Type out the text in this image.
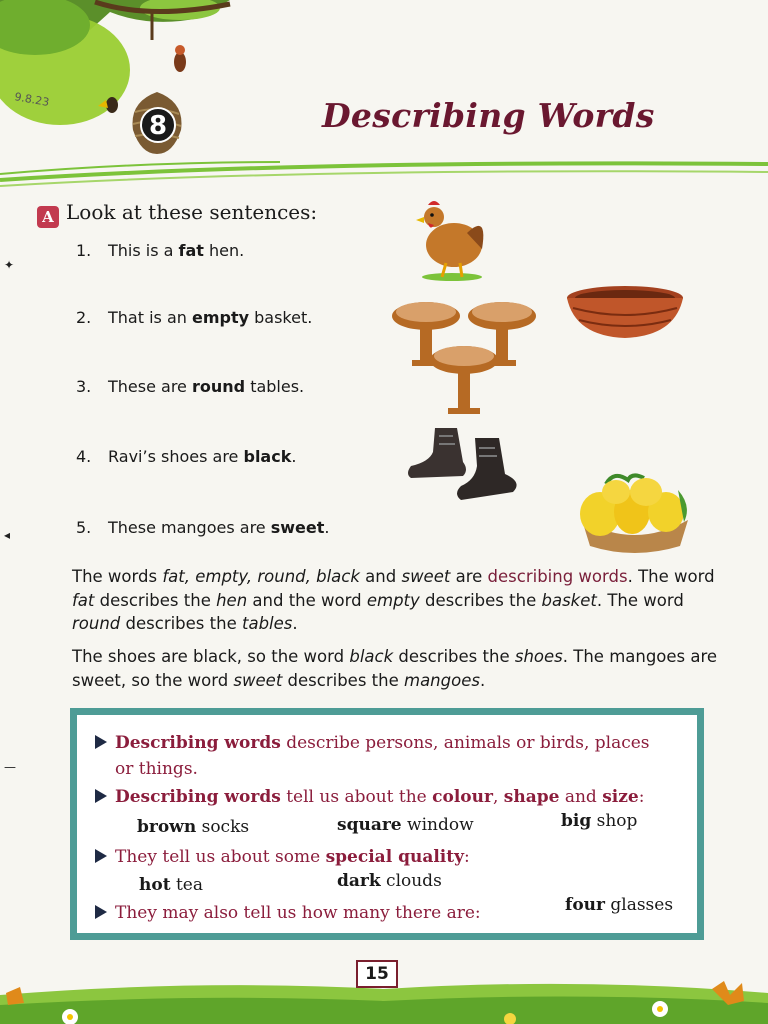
9.8.23
8	Describing Words
A Look at these sentences:
1. This is a fat hen.
2. That is an empty basket.
3. These are round tables.
4. Ravi’s shoes are black.
5. These mangoes are sweet.
The words fat, empty, round, black and sweet are describing words. The word fat describes the hen and the word empty describes the basket. The word round describes the tables.
The shoes are black, so the word black describes the shoes. The mangoes are sweet, so the word sweet describes the mangoes.
Describing words describe persons, animals or birds, places
or things.
Describing words tell us about the colour, shape and size:
brown socks	square window	big shop
They tell us about some special quality:
hot tea	dark clouds
They may also tell us how many there are:	four glasses
15
✦
◂
—
